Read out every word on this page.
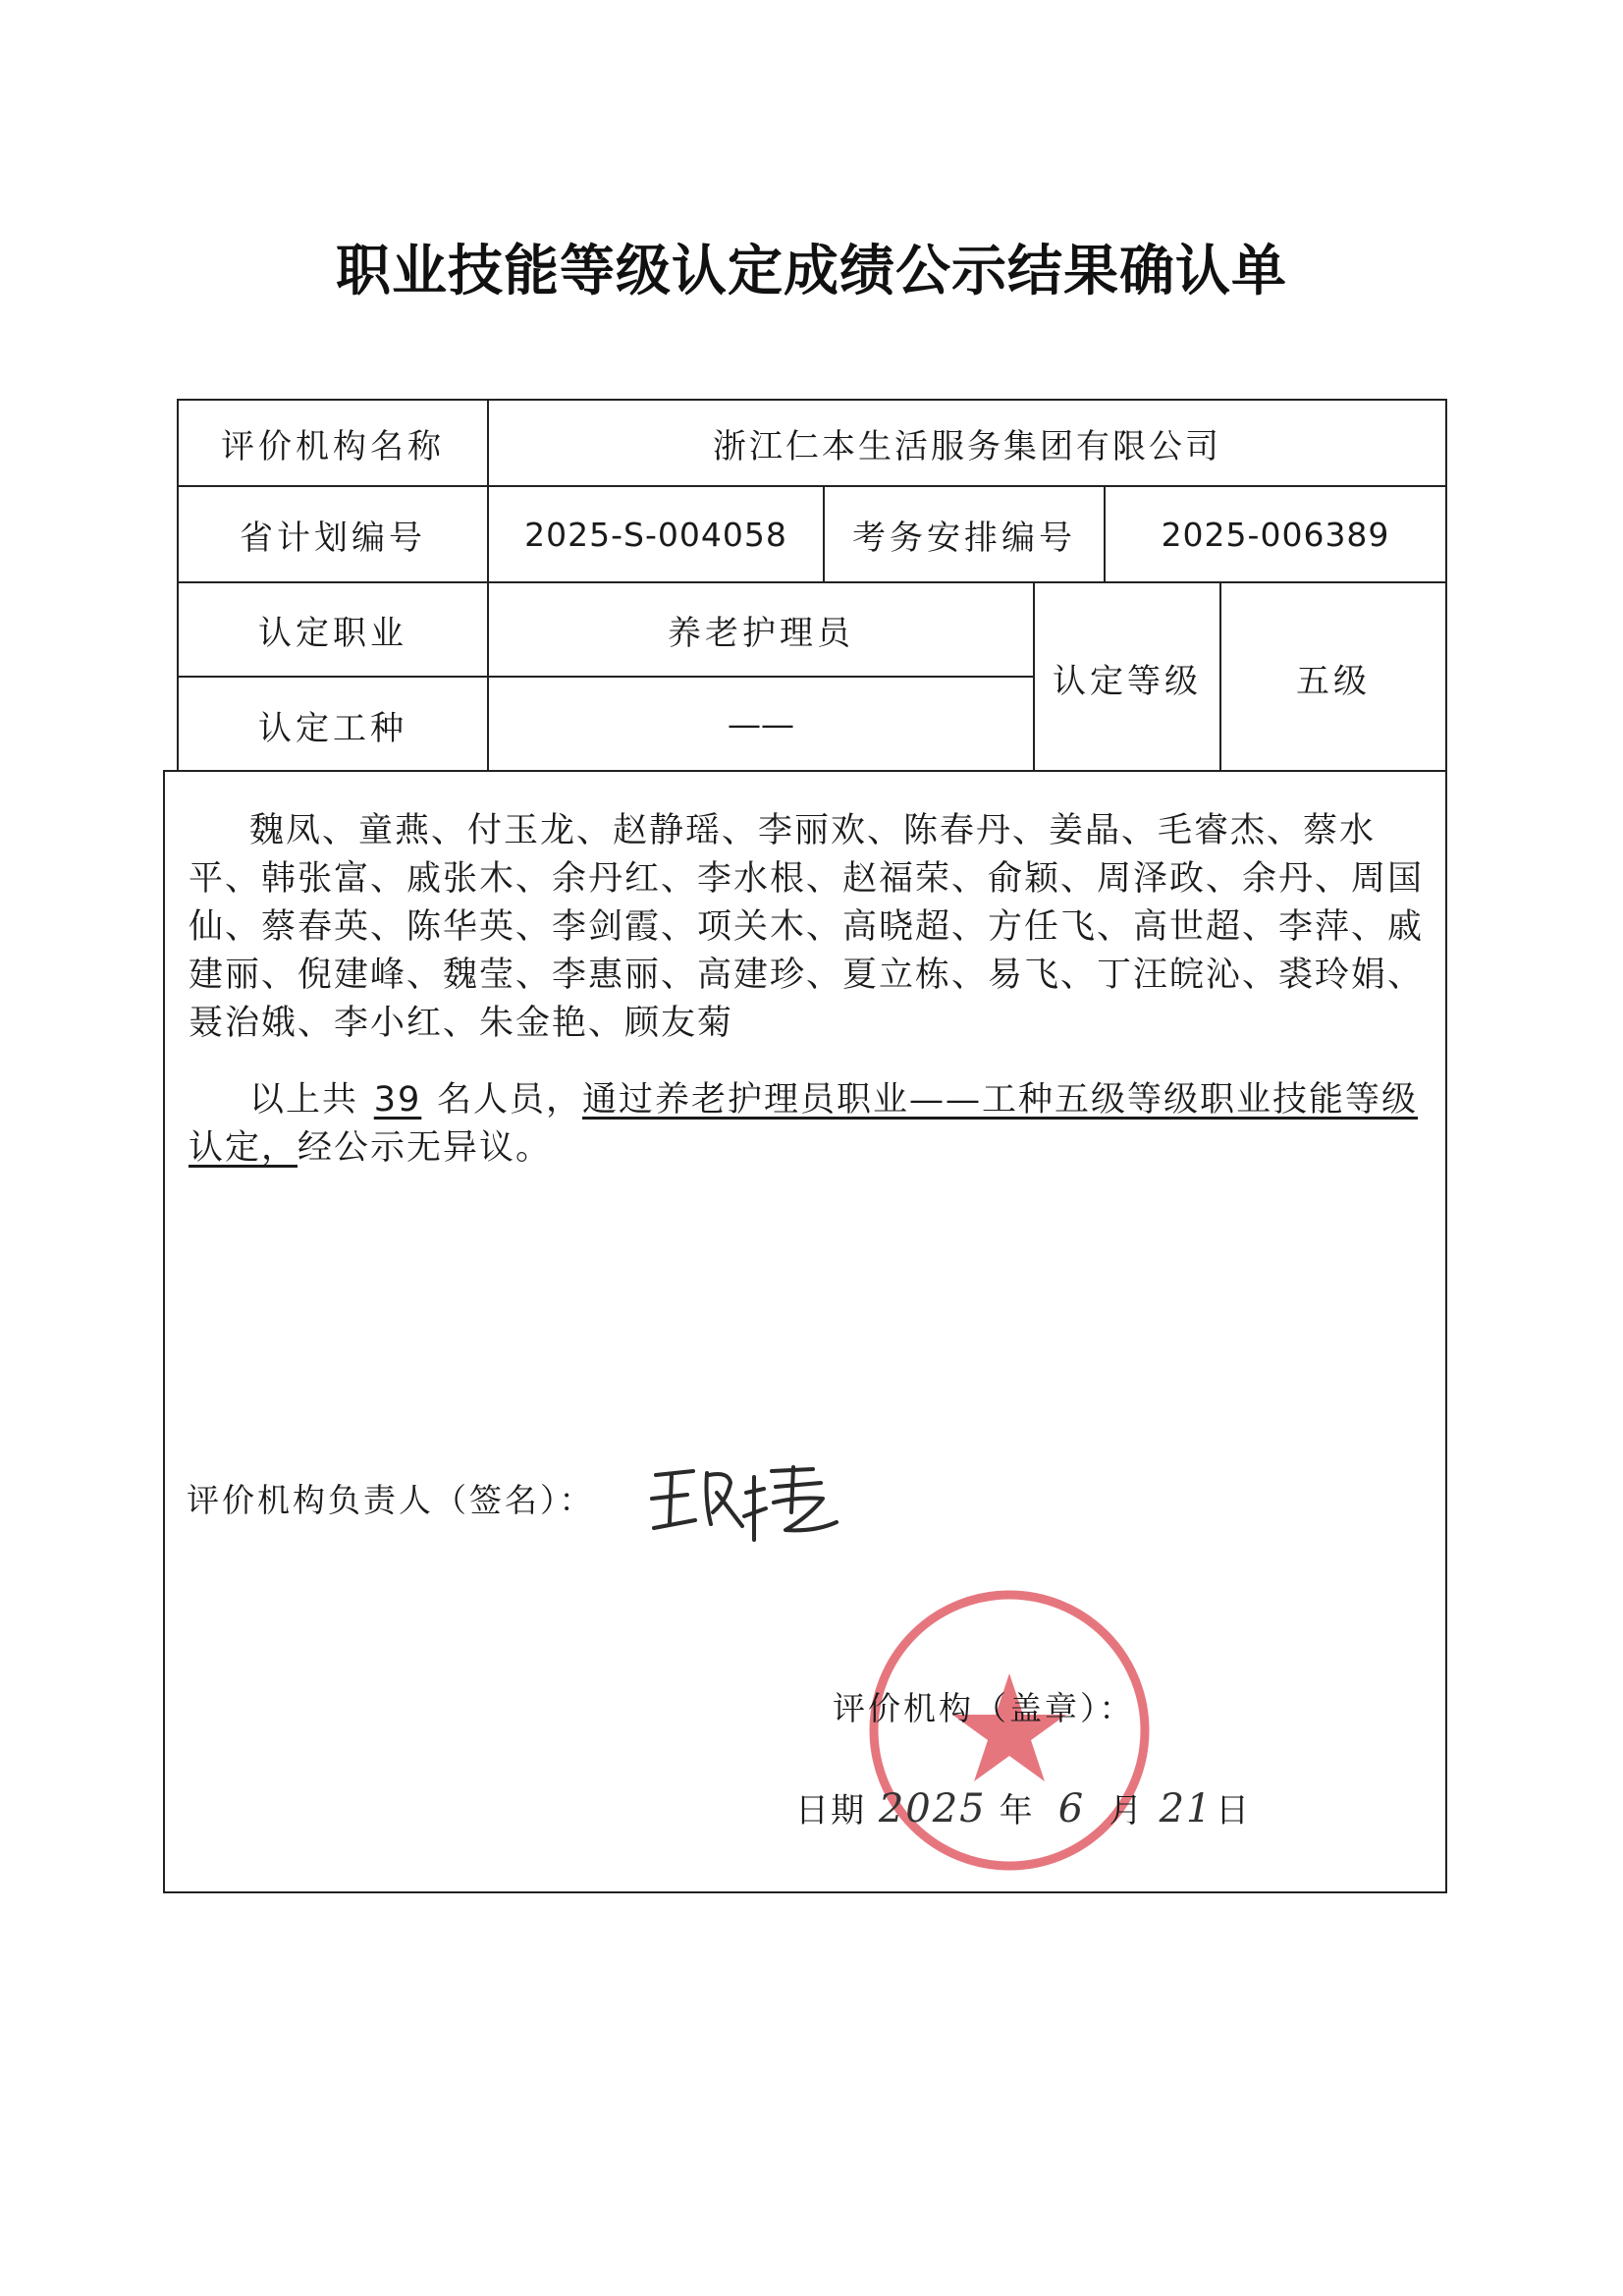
职业技能等级认定成绩公示结果确认单
评价机构名称	浙江仁本生活服务集团有限公司
省计划编号	2025-S-004058	考务安排编号	2025-006389
认定职业	养老护理员
认定工种	——
认定等级	五级
魏凤、童燕、付玉龙、赵静瑶、李丽欢、陈春丹、姜晶、毛睿杰、蔡水平、韩张富、戚张木、余丹红、李水根、赵福荣、俞颖、周泽政、余丹、周国仙、蔡春英、陈华英、李剑霞、项关木、高晓超、方任飞、高世超、李萍、戚建丽、倪建峰、魏莹、李惠丽、高建珍、夏立栋、易飞、丁汪皖沁、裘玲娟、聂治娥、李小红、朱金艳、顾友菊
以上共 39 名人员，通过养老护理员职业——工种五级等级职业技能等级认定，经公示无异议。
评价机构负责人（签名）：
评价机构（盖章）：
日期 2025 年 6 月 21日
